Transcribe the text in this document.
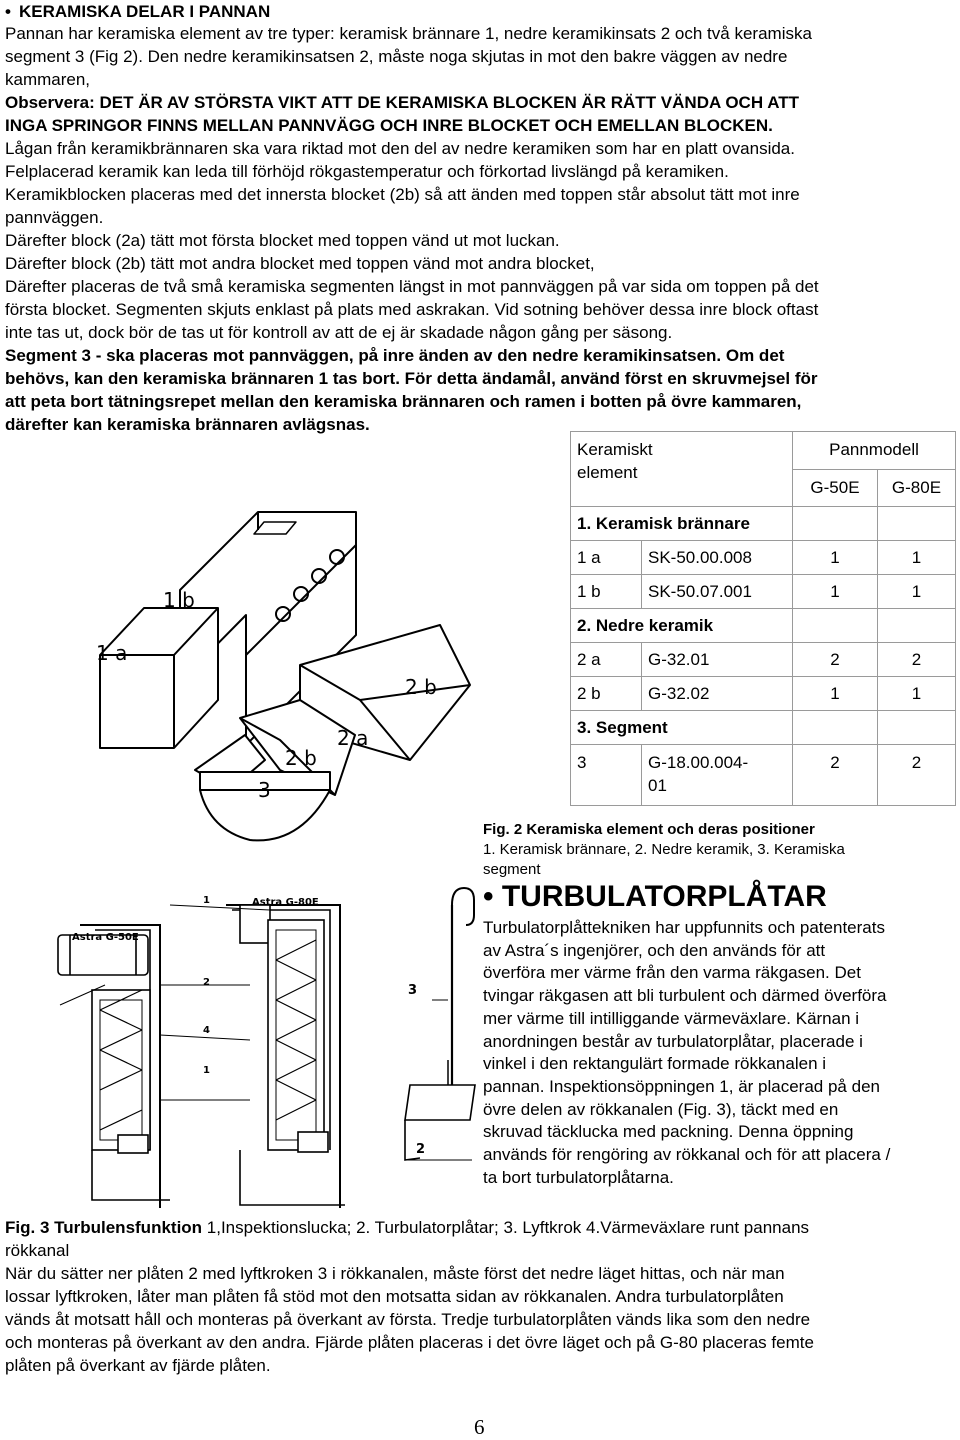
• KERAMISKA DELAR I PANNAN
Pannan har keramiska element av tre typer: keramisk brännare 1, nedre keramikinsats 2 och två keramiska
segment 3 (Fig 2). Den nedre keramikinsatsen 2, måste noga skjutas in mot den bakre väggen av nedre
kammaren,
Observera: DET ÄR AV STÖRSTA VIKT ATT DE KERAMISKA BLOCKEN ÄR RÄTT VÄNDA OCH ATT
INGA SPRINGOR FINNS MELLAN PANNVÄGG OCH INRE BLOCKET OCH EMELLAN BLOCKEN.
Lågan från keramikbrännaren ska vara riktad mot den del av nedre keramiken som har en platt ovansida.
Felplacerad keramik kan leda till förhöjd rökgastemperatur och förkortad livslängd på keramiken.
Keramikblocken placeras med det innersta blocket (2b) så att änden med toppen står absolut tätt mot inre
pannväggen.
Därefter block (2a) tätt mot första blocket med toppen vänd ut mot luckan.
Därefter block (2b) tätt mot andra blocket med toppen vänd mot andra blocket,
Därefter placeras de två små keramiska segmenten längst in mot pannväggen på var sida om toppen på det
första blocket. Segmenten skjuts enklast på plats med askrakan. Vid sotning behöver dessa inre block oftast
inte tas ut, dock bör de tas ut för kontroll av att de ej är skadade någon gång per säsong.
Segment 3 - ska placeras mot pannväggen, på inre änden av den nedre keramikinsatsen. Om det
behövs, kan den keramiska brännaren 1 tas bort. För detta ändamål, använd först en skruvmejsel för
att peta bort tätningsrepet mellan den keramiska brännaren och ramen i botten på övre kammaren,
därefter kan keramiska brännaren avlägsnas.
1 b
1 a
2 b
2 a
2 b
3
Keramiskt
element		Pannmodell	
		G-50E	G-80E
1. Keramisk brännare			
1 a	SK-50.00.008	1	1
1 b	SK-50.07.001	1	1
2. Nedre keramik			
2 a	G-32.01	2	2
2 b	G-32.02	1	1
3. Segment			
3	G-18.00.004-
01	2	2
Fig. 2 Keramiska element och deras positioner
1. Keramisk brännare, 2. Nedre keramik, 3. Keramiska
segment
• TURBULATORPLÅTAR
Turbulatorplåttekniken har uppfunnits och patenterats
av Astra´s ingenjörer, och den används för att
överföra mer värme från den varma räkgasen. Det
tvingar räkgasen att bli turbulent och därmed överföra
mer värme till intilliggande värmeväxlare. Kärnan i
anordningen består av turbulatorplåtar, placerade i
vinkel i den rektangulärt formade rökkanalen i
pannan. Inspektionsöppningen 1, är placerad på den
övre delen av rökkanalen (Fig. 3), täckt med en
skruvad täcklucka med packning. Denna öppning
används för rengöring av rökkanal och för att placera /
ta bort turbulatorplåtarna.
Astra G-50E
Astra G-80E
1
2
4
1
3
2
Fig. 3 Turbulensfunktion 1,Inspektionslucka; 2. Turbulatorplåtar; 3. Lyftkrok 4.Värmeväxlare runt pannans
rökkanal
När du sätter ner plåten 2 med lyftkroken 3 i rökkanalen, måste först det nedre läget hittas, och när man
lossar lyftkroken, låter man plåten få stöd mot den motsatta sidan av rökkanalen. Andra turbulatorplåten
vänds åt motsatt håll och monteras på överkant av första. Tredje turbulatorplåten vänds lika som den nedre
och monteras på överkant av den andra. Fjärde plåten placeras i det övre läget och på G-80 placeras femte
plåten på överkant av fjärde plåten.
6
